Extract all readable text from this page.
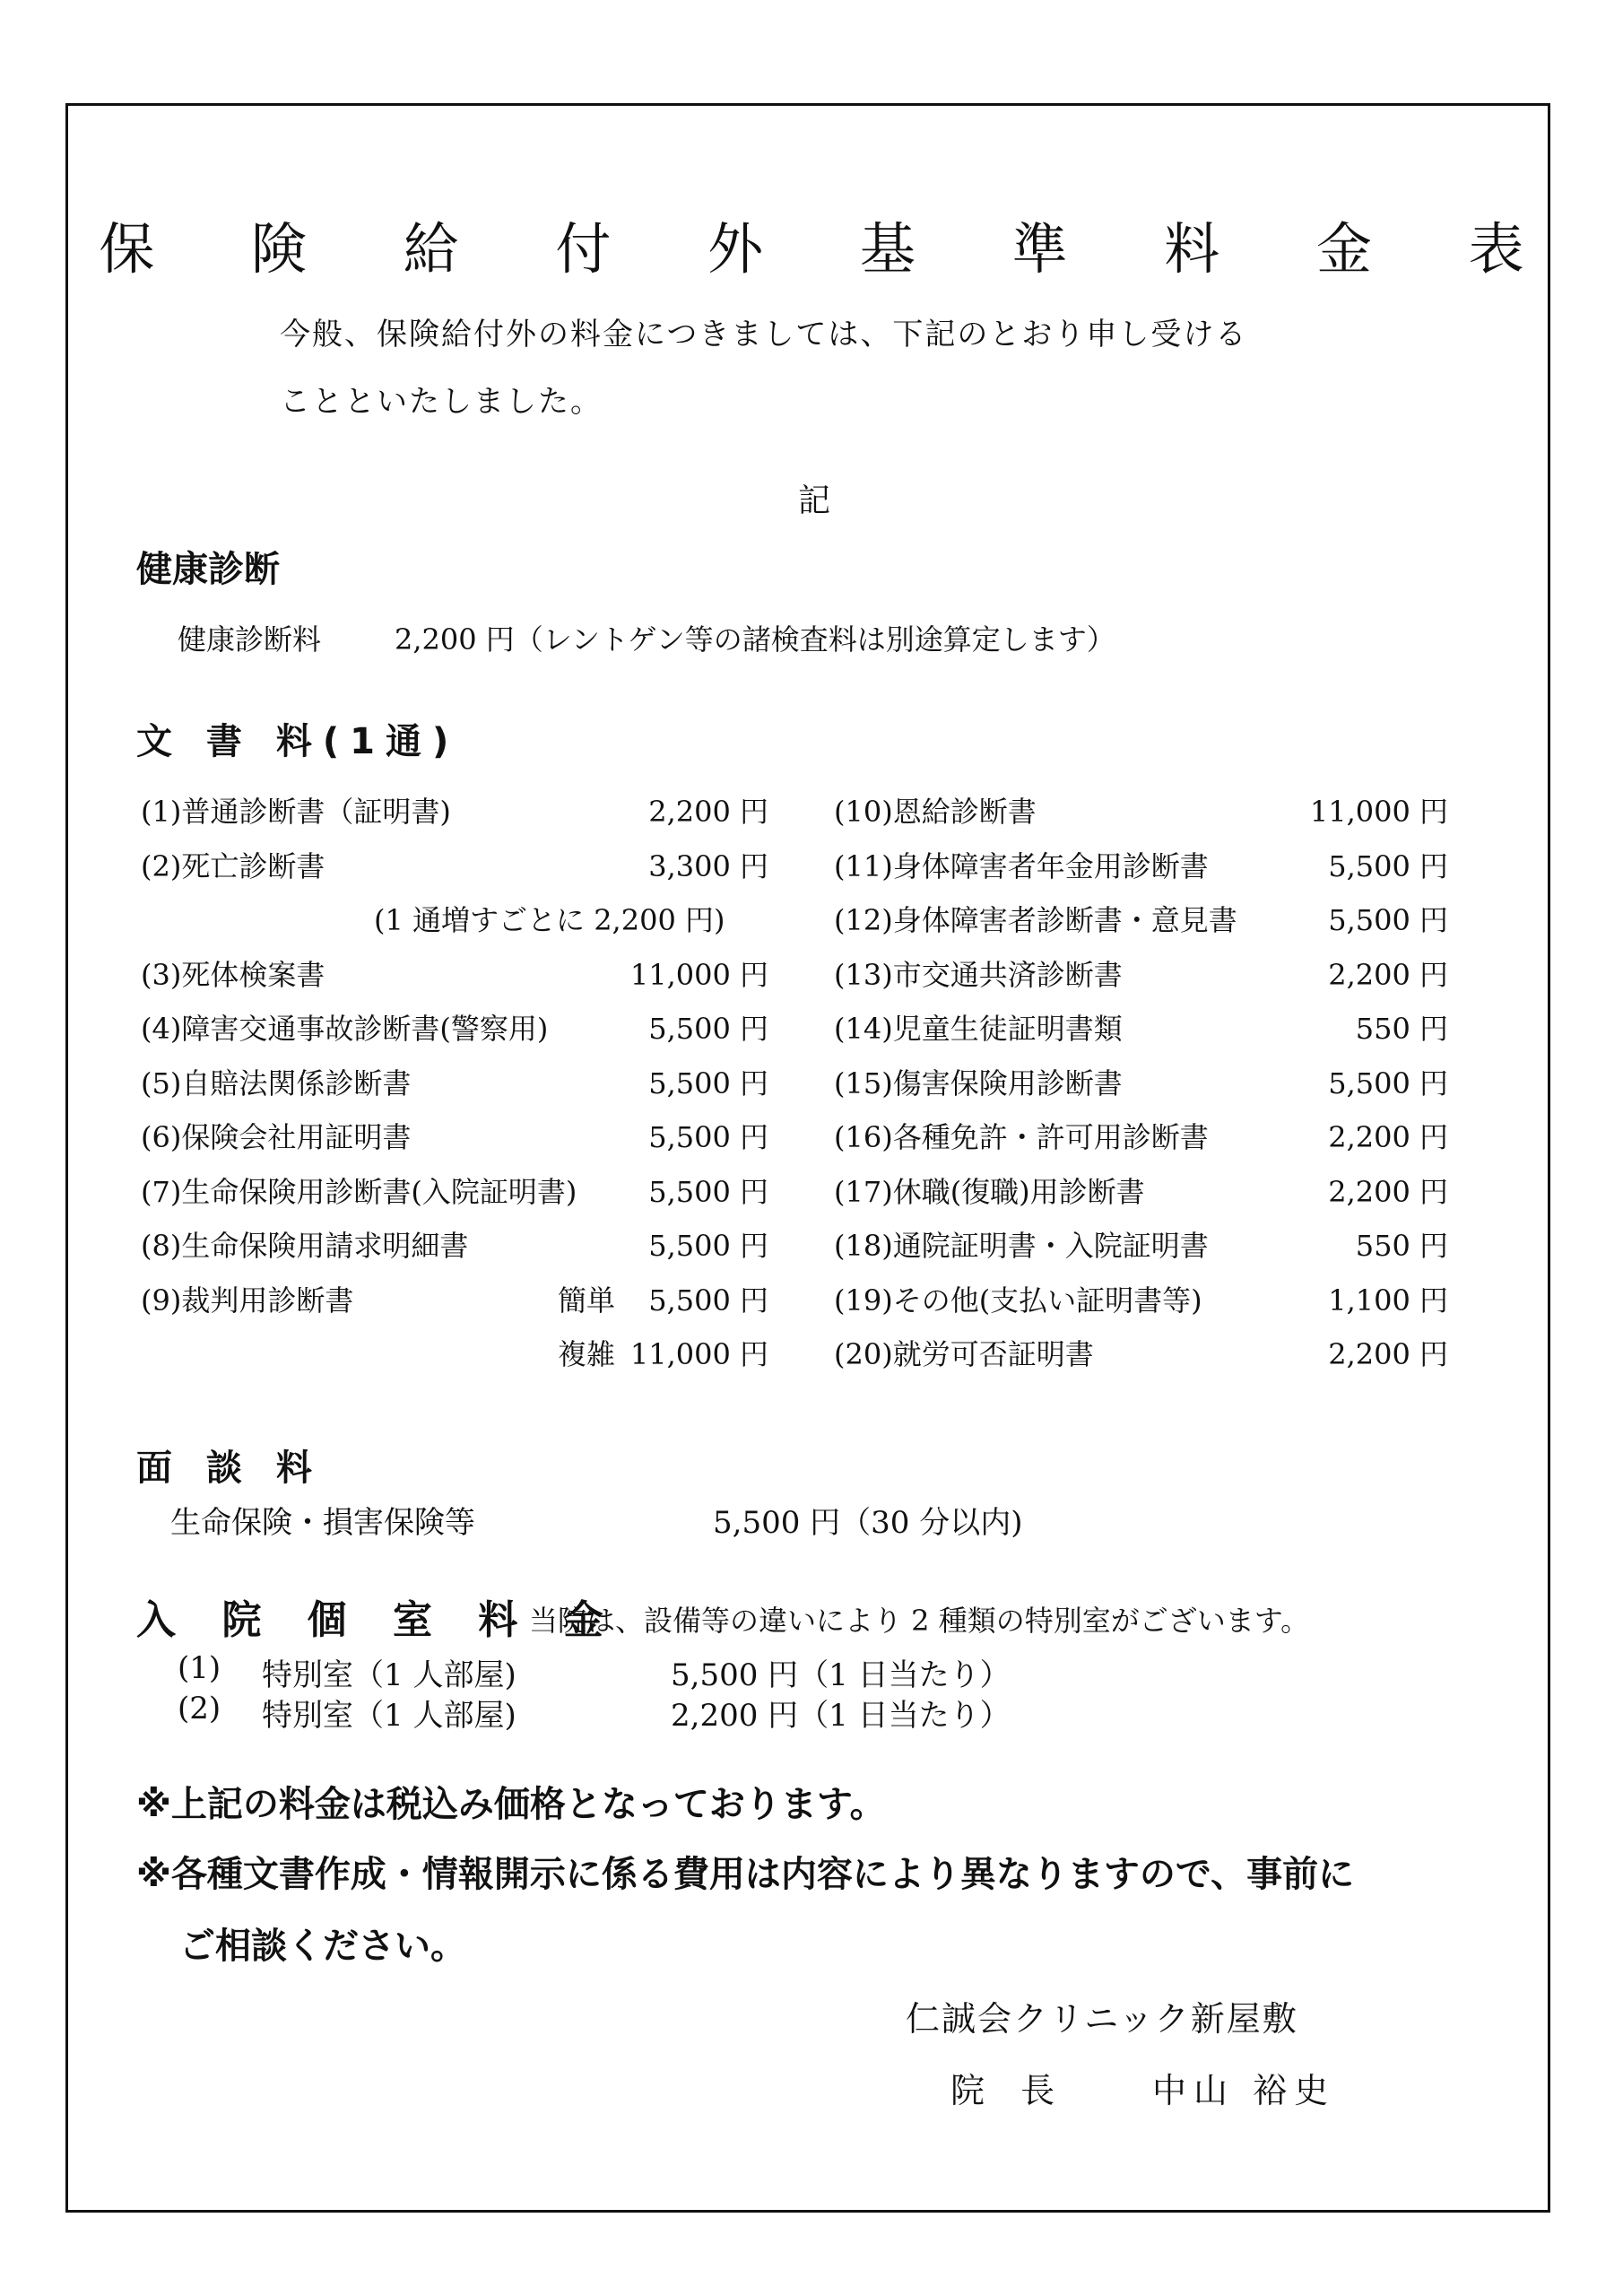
保 険 給 付 外 基 準 料 金 表
今般、保険給付外の料金につきましては、下記のとおり申し受ける
ことといたしました。
記
健康診断
健康診断料	2,200 円（レントゲン等の諸検査料は別途算定します）
文 書 料(1通)
(1)普通診断書（証明書)	2,200 円
(2)死亡診断書	3,300 円
(1 通増すごとに 2,200 円)
(3)死体検案書	11,000 円
(4)障害交通事故診断書(警察用)	5,500 円
(5)自賠法関係診断書	5,500 円
(6)保険会社用証明書	5,500 円
(7)生命保険用診断書(入院証明書) 5,500 円
(8)生命保険用請求明細書	5,500 円
(9)裁判用診断書	簡単 5,500 円
複雑 11,000 円
(10)恩給診断書	11,000 円
(11)身体障害者年金用診断書	5,500 円
(12)身体障害者診断書・意見書	5,500 円
(13)市交通共済診断書	2,200 円
(14)児童生徒証明書類	550 円
(15)傷害保険用診断書	5,500 円
(16)各種免許・許可用診断書	2,200 円
(17)休職(復職)用診断書	2,200 円
(18)通院証明書・入院証明書	550 円
(19)その他(支払い証明書等)	1,100 円
(20)就労可否証明書	2,200 円
面 談 料
生命保険・損害保険等	5,500 円（30 分以内)
入 院 個 室 料 金
当院は、設備等の違いにより 2 種類の特別室がございます。
(1) 特別室（1 人部屋)	5,500 円（1 日当たり）
(2) 特別室（1 人部屋)	2,200 円（1 日当たり）
※上記の料金は税込み価格となっております。
※各種文書作成・情報開示に係る費用は内容により異なりますので、事前に
ご相談ください。
仁誠会クリニック新屋敷
院 長 中山 裕史
